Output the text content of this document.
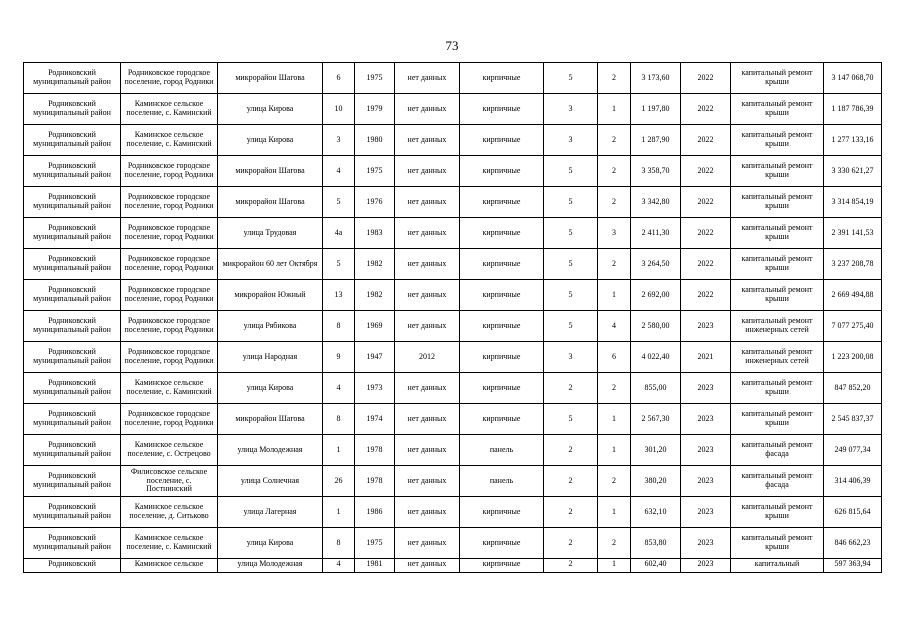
73
Родниковский муниципальный район	Родниковское городское поселение, город Родники	микрорайон Шагова	6	1975	нет данных	кирпичные	5	2	3 173,60	2022	капитальный ремонт крыши	3 147 068,70
Родниковский муниципальный район	Каминское сельское поселение, с. Каминский	улица Кирова	10	1979	нет данных	кирпичные	3	1	1 197,80	2022	капитальный ремонт крыши	1 187 786,39
Родниковский муниципальный район	Каминское сельское поселение, с. Каминский	улица Кирова	3	1980	нет данных	кирпичные	3	2	1 287,90	2022	капитальный ремонт крыши	1 277 133,16
Родниковский муниципальный район	Родниковское городское поселение, город Родники	микрорайон Шагова	4	1975	нет данных	кирпичные	5	2	3 358,70	2022	капитальный ремонт крыши	3 330 621,27
Родниковский муниципальный район	Родниковское городское поселение, город Родники	микрорайон Шагова	5	1976	нет данных	кирпичные	5	2	3 342,80	2022	капитальный ремонт крыши	3 314 854,19
Родниковский муниципальный район	Родниковское городское поселение, город Родники	улица Трудовая	4а	1983	нет данных	кирпичные	5	3	2 411,30	2022	капитальный ремонт крыши	2 391 141,53
Родниковский муниципальный район	Родниковское городское поселение, город Родники	микрорайон 60 лет Октября	5	1982	нет данных	кирпичные	5	2	3 264,50	2022	капитальный ремонт крыши	3 237 208,78
Родниковский муниципальный район	Родниковское городское поселение, город Родники	микрорайон Южный	13	1982	нет данных	кирпичные	5	1	2 692,00	2022	капитальный ремонт крыши	2 669 494,88
Родниковский муниципальный район	Родниковское городское поселение, город Родники	улица Рябикова	8	1969	нет данных	кирпичные	5	4	2 580,00	2023	капитальный ремонт инженерных сетей	7 077 275,40
Родниковский муниципальный район	Родниковское городское поселение, город Родники	улица Народная	9	1947	2012	кирпичные	3	6	4 022,40	2021	капитальный ремонт инженерных сетей	1 223 200,08
Родниковский муниципальный район	Каминское сельское поселение, с. Каминский	улица Кирова	4	1973	нет данных	кирпичные	2	2	855,00	2023	капитальный ремонт крыши	847 852,20
Родниковский муниципальный район	Родниковское городское поселение, город Родники	микрорайон Шагова	8	1974	нет данных	кирпичные	5	1	2 567,30	2023	капитальный ремонт крыши	2 545 837,37
Родниковский муниципальный район	Каминское сельское поселение, с. Острецово	улица Молодежная	1	1978	нет данных	панель	2	1	301,20	2023	капитальный ремонт фасада	249 077,34
Родниковский муниципальный район	Филисовское сельское поселение, с. Постнинский	улица Солнечная	26	1978	нет данных	панель	2	2	380,20	2023	капитальный ремонт фасада	314 406,39
Родниковский муниципальный район	Каминское сельское поселение, д. Ситьково	улица Лагерная	1	1986	нет данных	кирпичные	2	1	632,10	2023	капитальный ремонт крыши	626 815,64
Родниковский муниципальный район	Каминское сельское поселение, с. Каминский	улица Кирова	8	1975	нет данных	кирпичные	2	2	853,80	2023	капитальный ремонт крыши	846 662,23
Родниковский	Каминское сельское	улица Молодежная	4	1981	нет данных	кирпичные	2	1	602,40	2023	капитальный	597 363,94
